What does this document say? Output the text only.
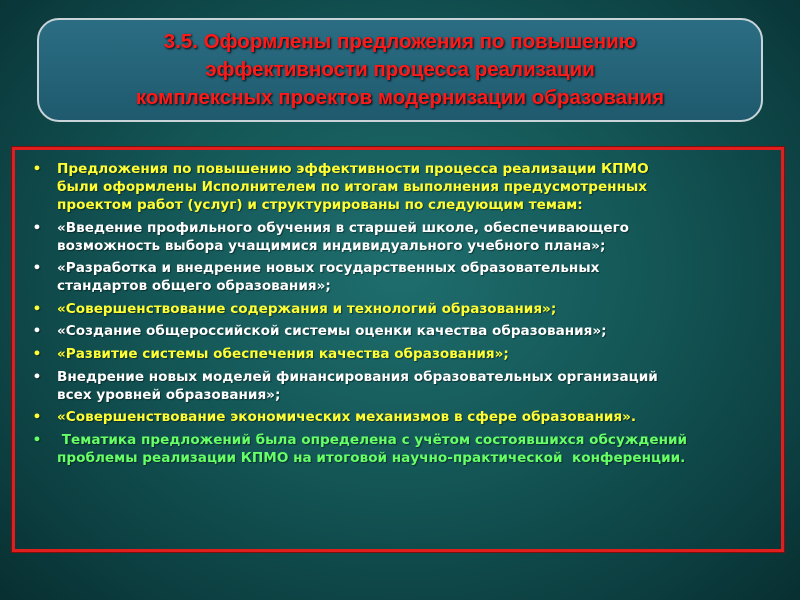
3.5. Оформлены предложения по повышению
эффективности процесса реализации
комплексных проектов модернизации образования
• Предложения по повышению эффективности процесса реализации КПМО
были оформлены Исполнителем по итогам выполнения предусмотренных
проектом работ (услуг) и структурированы по следующим темам:
• «Введение профильного обучения в старшей школе, обеспечивающего
возможность выбора учащимися индивидуального учебного плана»;
• «Разработка и внедрение новых государственных образовательных
стандартов общего образования»;
• «Совершенствование содержания и технологий образования»;
• «Создание общероссийской системы оценки качества образования»;
• «Развитие системы обеспечения качества образования»;
• Внедрение новых моделей финансирования образовательных организаций
всех уровней образования»;
• «Совершенствование экономических механизмов в сфере образования».
• Тематика предложений была определена с учётом состоявшихся обсуждений
проблемы реализации КПМО на итоговой научно-практической  конференции.
